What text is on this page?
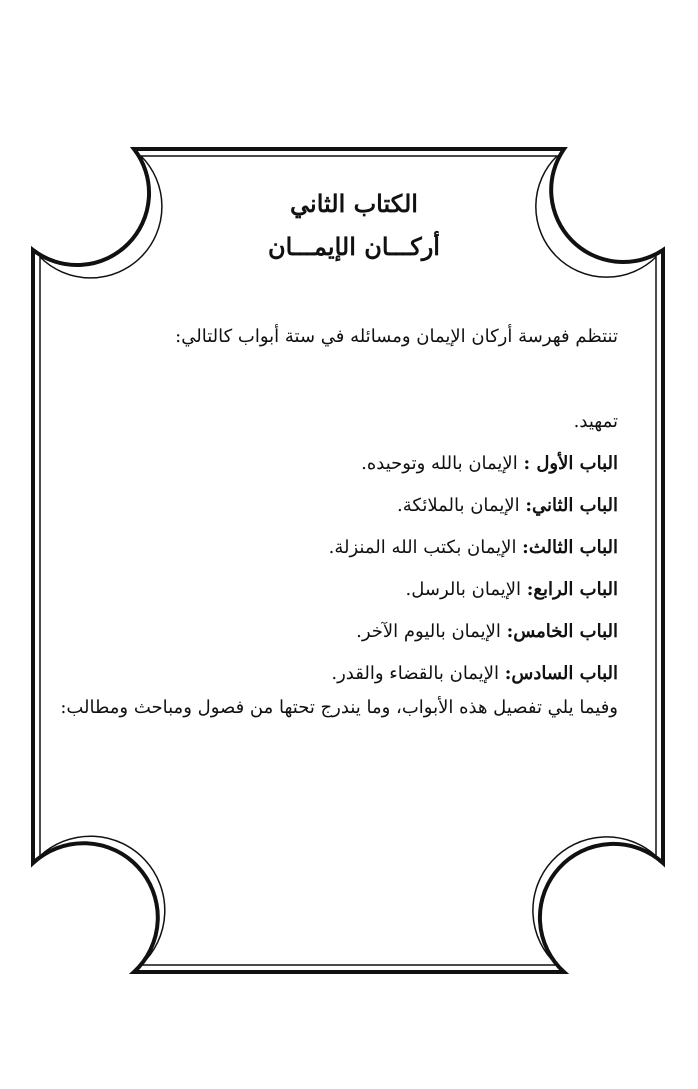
الكتاب الثاني
أركـــان الإيمـــان

تنتظم فهرسة أركان الإيمان ومسائله في ستة أبواب كالتالي:

تمهيد.
الباب الأول : الإيمان بالله وتوحيده.
الباب الثاني: الإيمان بالملائكة.
الباب الثالث: الإيمان بكتب الله المنزلة.
الباب الرابع: الإيمان بالرسل.
الباب الخامس: الإيمان باليوم الآخر.
الباب السادس: الإيمان بالقضاء والقدر.

وفيما يلي تفصيل هذه الأبواب، وما يندرج تحتها من فصول ومباحث ومطالب:
